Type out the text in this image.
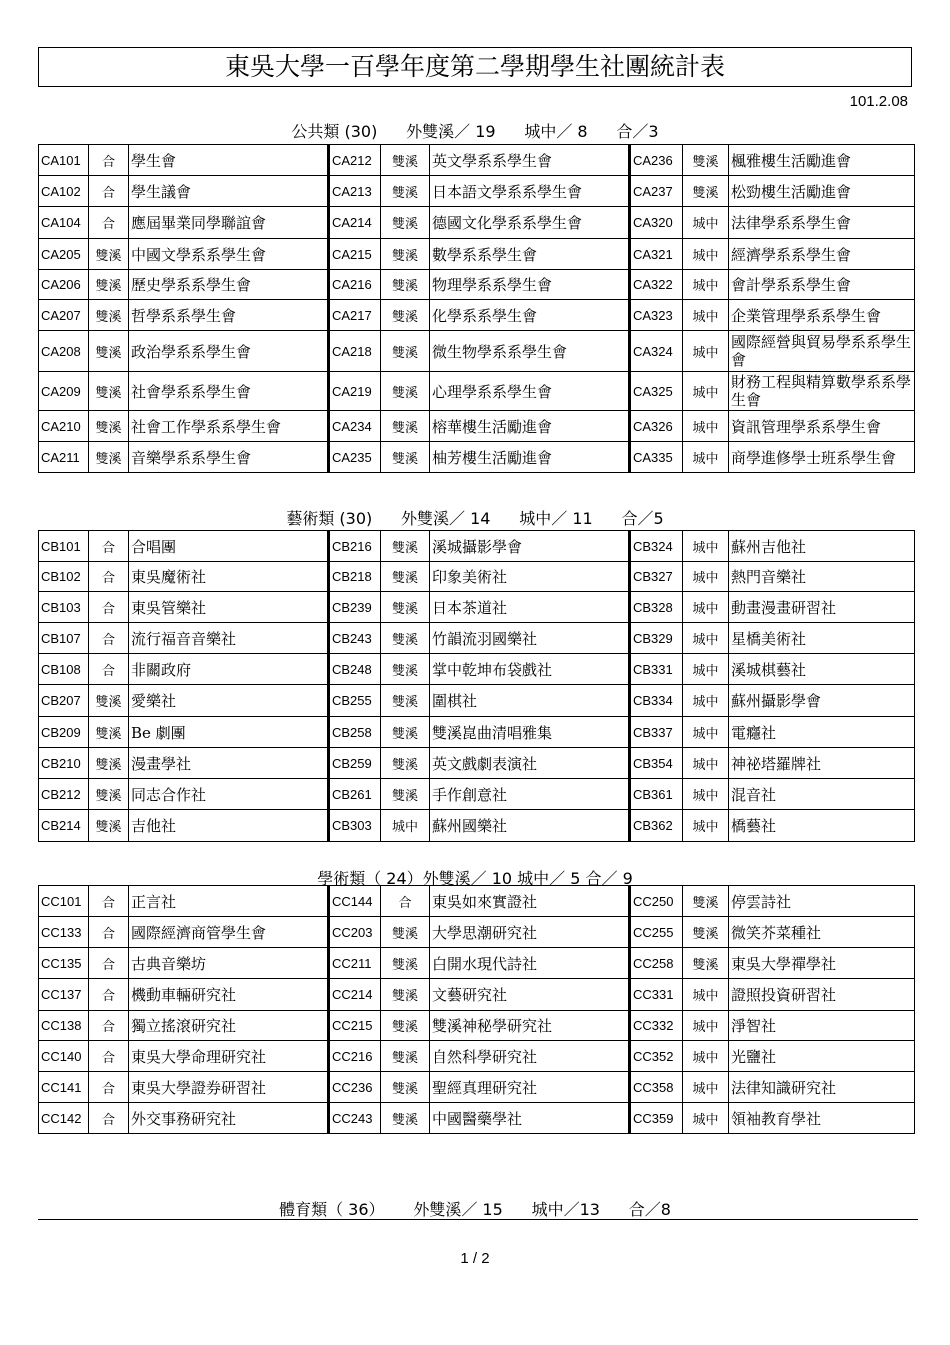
東吳大學一百學年度第二學期學生社團統計表
101.2.08
公共類 (30) 外雙溪／ 19 城中／ 8 合／3
CA101	合	學生會	CA212	雙溪	英文學系系學生會	CA236	雙溪	楓雅樓生活勵進會
CA102	合	學生議會	CA213	雙溪	日本語文學系系學生會	CA237	雙溪	松勁樓生活勵進會
CA104	合	應屆畢業同學聯誼會	CA214	雙溪	德國文化學系系學生會	CA320	城中	法律學系系學生會
CA205	雙溪	中國文學系系學生會	CA215	雙溪	數學系系學生會	CA321	城中	經濟學系系學生會
CA206	雙溪	歷史學系系學生會	CA216	雙溪	物理學系系學生會	CA322	城中	會計學系系學生會
CA207	雙溪	哲學系系學生會	CA217	雙溪	化學系系學生會	CA323	城中	企業管理學系系學生會
CA208	雙溪	政治學系系學生會	CA218	雙溪	微生物學系系學生會	CA324	城中	國際經營與貿易學系系學生會
CA209	雙溪	社會學系系學生會	CA219	雙溪	心理學系系學生會	CA325	城中	財務工程與精算數學系系學生會
CA210	雙溪	社會工作學系系學生會	CA234	雙溪	榕華樓生活勵進會	CA326	城中	資訊管理學系系學生會
CA211	雙溪	音樂學系系學生會	CA235	雙溪	柚芳樓生活勵進會	CA335	城中	商學進修學士班系學生會
藝術類 (30) 外雙溪／ 14 城中／ 11 合／5
CB101	合	合唱團	CB216	雙溪	溪城攝影學會	CB324	城中	蘇州吉他社
CB102	合	東吳魔術社	CB218	雙溪	印象美術社	CB327	城中	熱門音樂社
CB103	合	東吳管樂社	CB239	雙溪	日本茶道社	CB328	城中	動畫漫畫研習社
CB107	合	流行福音音樂社	CB243	雙溪	竹韻流羽國樂社	CB329	城中	星橋美術社
CB108	合	非關政府	CB248	雙溪	掌中乾坤布袋戲社	CB331	城中	溪城棋藝社
CB207	雙溪	愛樂社	CB255	雙溪	圍棋社	CB334	城中	蘇州攝影學會
CB209	雙溪	Be 劇團	CB258	雙溪	雙溪崑曲清唱雅集	CB337	城中	電癮社
CB210	雙溪	漫畫學社	CB259	雙溪	英文戲劇表演社	CB354	城中	神祕塔羅牌社
CB212	雙溪	同志合作社	CB261	雙溪	手作創意社	CB361	城中	混音社
CB214	雙溪	吉他社	CB303	城中	蘇州國樂社	CB362	城中	橋藝社
學術類（ 24）外雙溪／ 10 城中／ 5 合／ 9
CC101	合	正言社	CC144	合	東吳如來實證社	CC250	雙溪	停雲詩社
CC133	合	國際經濟商管學生會	CC203	雙溪	大學思潮研究社	CC255	雙溪	微笑芥菜種社
CC135	合	古典音樂坊	CC211	雙溪	白開水現代詩社	CC258	雙溪	東吳大學禪學社
CC137	合	機動車輛研究社	CC214	雙溪	文藝研究社	CC331	城中	證照投資研習社
CC138	合	獨立搖滾研究社	CC215	雙溪	雙溪神秘學研究社	CC332	城中	淨智社
CC140	合	東吳大學命理研究社	CC216	雙溪	自然科學研究社	CC352	城中	光鹽社
CC141	合	東吳大學證券研習社	CC236	雙溪	聖經真理研究社	CC358	城中	法律知識研究社
CC142	合	外交事務研究社	CC243	雙溪	中國醫藥學社	CC359	城中	領袖教育學社
體育類（ 36） 外雙溪／ 15 城中／13 合／8
1 / 2
